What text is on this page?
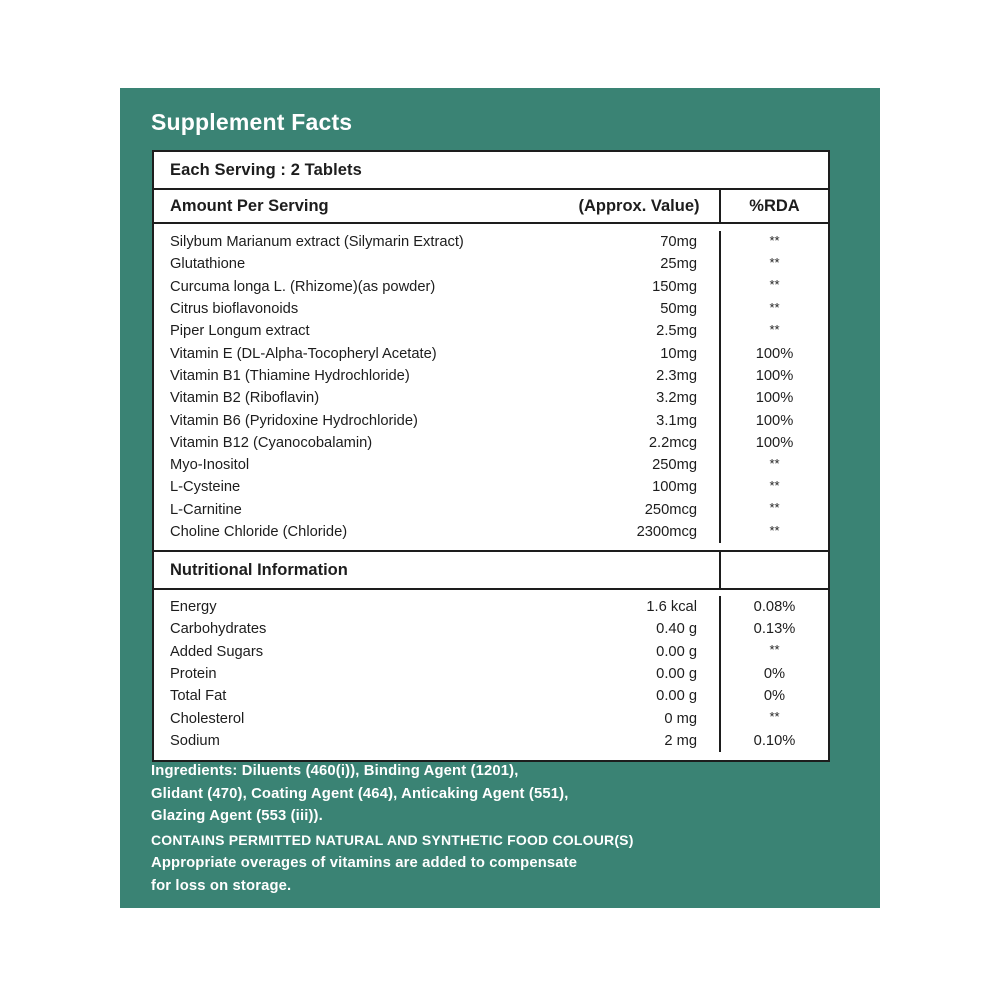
Supplement Facts
Each Serving : 2 Tablets
Amount Per Serving	(Approx. Value)	%RDA
Silybum Marianum extract (Silymarin Extract)	70mg	**
Glutathione	25mg	**
Curcuma longa L. (Rhizome)(as powder)	150mg	**
Citrus bioflavonoids	50mg	**
Piper Longum extract	2.5mg	**
Vitamin E (DL-Alpha-Tocopheryl Acetate)	10mg	100%
Vitamin B1 (Thiamine Hydrochloride)	2.3mg	100%
Vitamin B2 (Riboflavin)	3.2mg	100%
Vitamin B6 (Pyridoxine Hydrochloride)	3.1mg	100%
Vitamin B12 (Cyanocobalamin)	2.2mcg	100%
Myo-Inositol	250mg	**
L-Cysteine	100mg	**
L-Carnitine	250mcg	**
Choline Chloride (Chloride)	2300mcg	**
Nutritional Information
Energy	1.6 kcal	0.08%
Carbohydrates	0.40 g	0.13%
Added Sugars	0.00 g	**
Protein	0.00 g	0%
Total Fat	0.00 g	0%
Cholesterol	0 mg	**
Sodium	2 mg	0.10%
Ingredients: Diluents (460(i)), Binding Agent (1201),
Glidant (470), Coating Agent (464), Anticaking Agent (551),
Glazing Agent (553 (iii)).
CONTAINS PERMITTED NATURAL AND SYNTHETIC FOOD COLOUR(S)
Appropriate overages of vitamins are added to compensate
for loss on storage.
